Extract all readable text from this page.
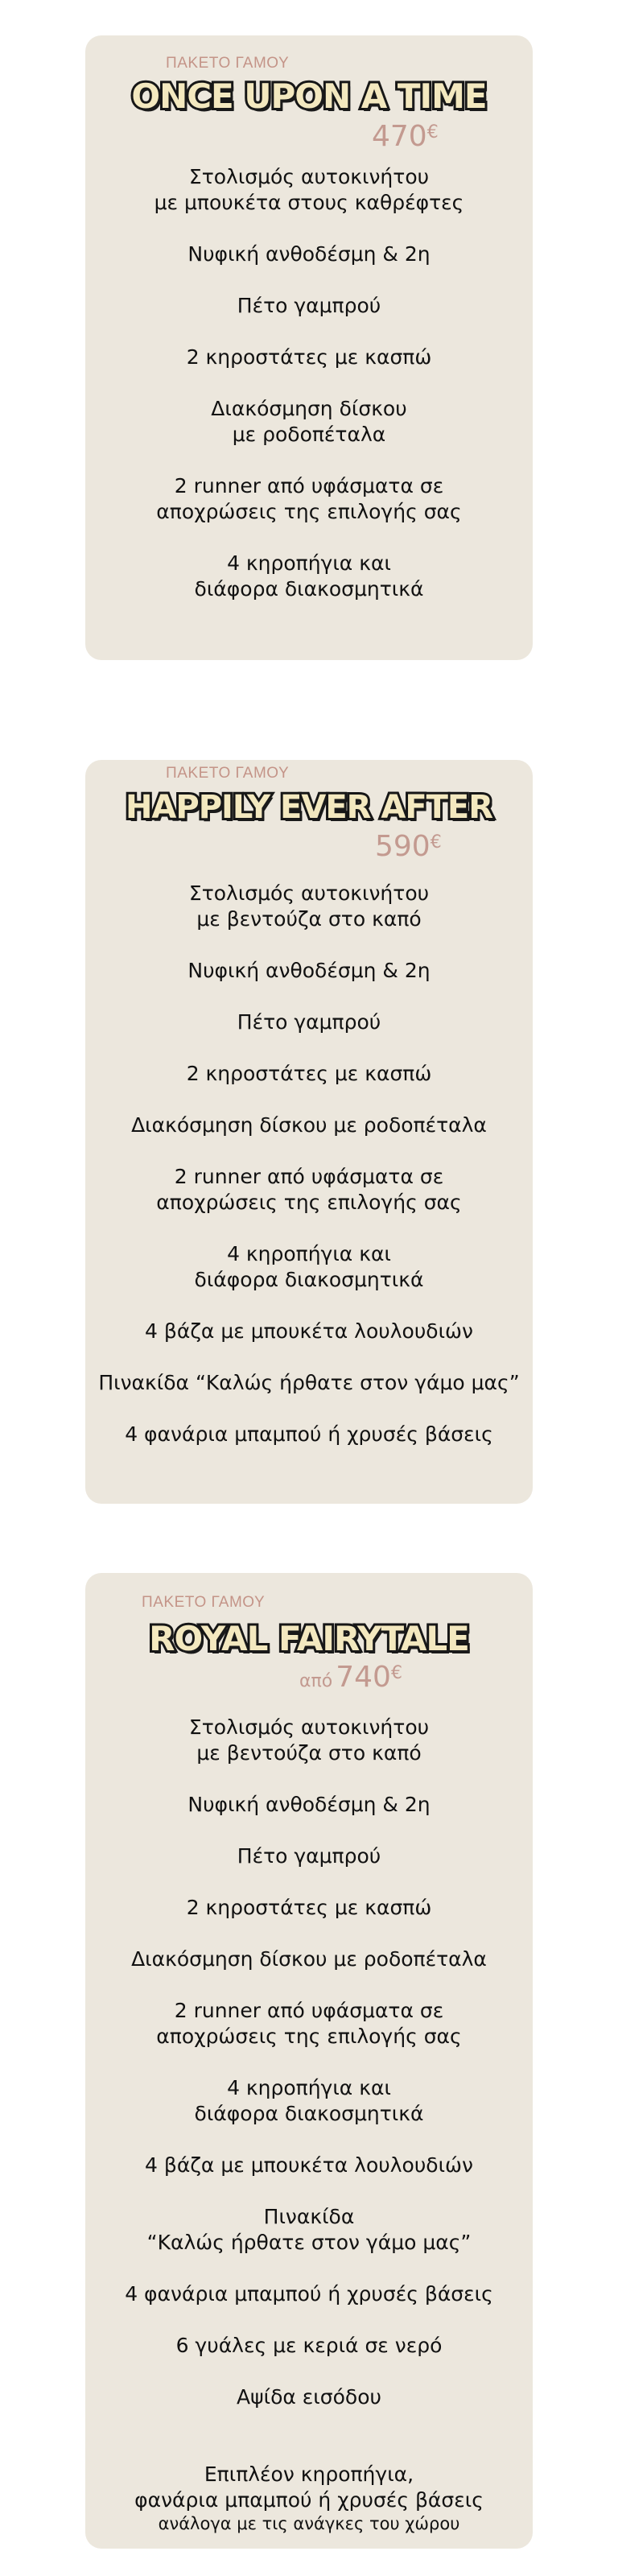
ΠΑΚΕΤΟ ΓΑΜΟΥ
ONCE UPON A TIME
470€
Στολισμός αυτοκινήτου
με μπουκέτα στους καθρέφτες
Νυφική ανθοδέσμη & 2η
Πέτο γαμπρού
2 κηροστάτες με κασπώ
Διακόσμηση δίσκου
με ροδοπέταλα
2 runner από υφάσματα σε
αποχρώσεις της επιλογής σας
4 κηροπήγια και
διάφορα διακοσμητικά
ΠΑΚΕΤΟ ΓΑΜΟΥ
HAPPILY EVER AFTER
590€
Στολισμός αυτοκινήτου
με βεντούζα στο καπό
Νυφική ανθοδέσμη & 2η
Πέτο γαμπρού
2 κηροστάτες με κασπώ
Διακόσμηση δίσκου με ροδοπέταλα
2 runner από υφάσματα σε
αποχρώσεις της επιλογής σας
4 κηροπήγια και
διάφορα διακοσμητικά
4 βάζα με μπουκέτα λουλουδιών
Πινακίδα “Καλώς ήρθατε στον γάμο μας”
4 φανάρια μπαμπού ή χρυσές βάσεις
ΠΑΚΕΤΟ ΓΑΜΟΥ
ROYAL FAIRYTALE
από 740€
Στολισμός αυτοκινήτου
με βεντούζα στο καπό
Νυφική ανθοδέσμη & 2η
Πέτο γαμπρού
2 κηροστάτες με κασπώ
Διακόσμηση δίσκου με ροδοπέταλα
2 runner από υφάσματα σε
αποχρώσεις της επιλογής σας
4 κηροπήγια και
διάφορα διακοσμητικά
4 βάζα με μπουκέτα λουλουδιών
Πινακίδα
“Καλώς ήρθατε στον γάμο μας”
4 φανάρια μπαμπού ή χρυσές βάσεις
6 γυάλες με κεριά σε νερό
Αψίδα εισόδου

Επιπλέον κηροπήγια,
φανάρια μπαμπού ή χρυσές βάσεις

ανάλογα με τις ανάγκες του χώρου
